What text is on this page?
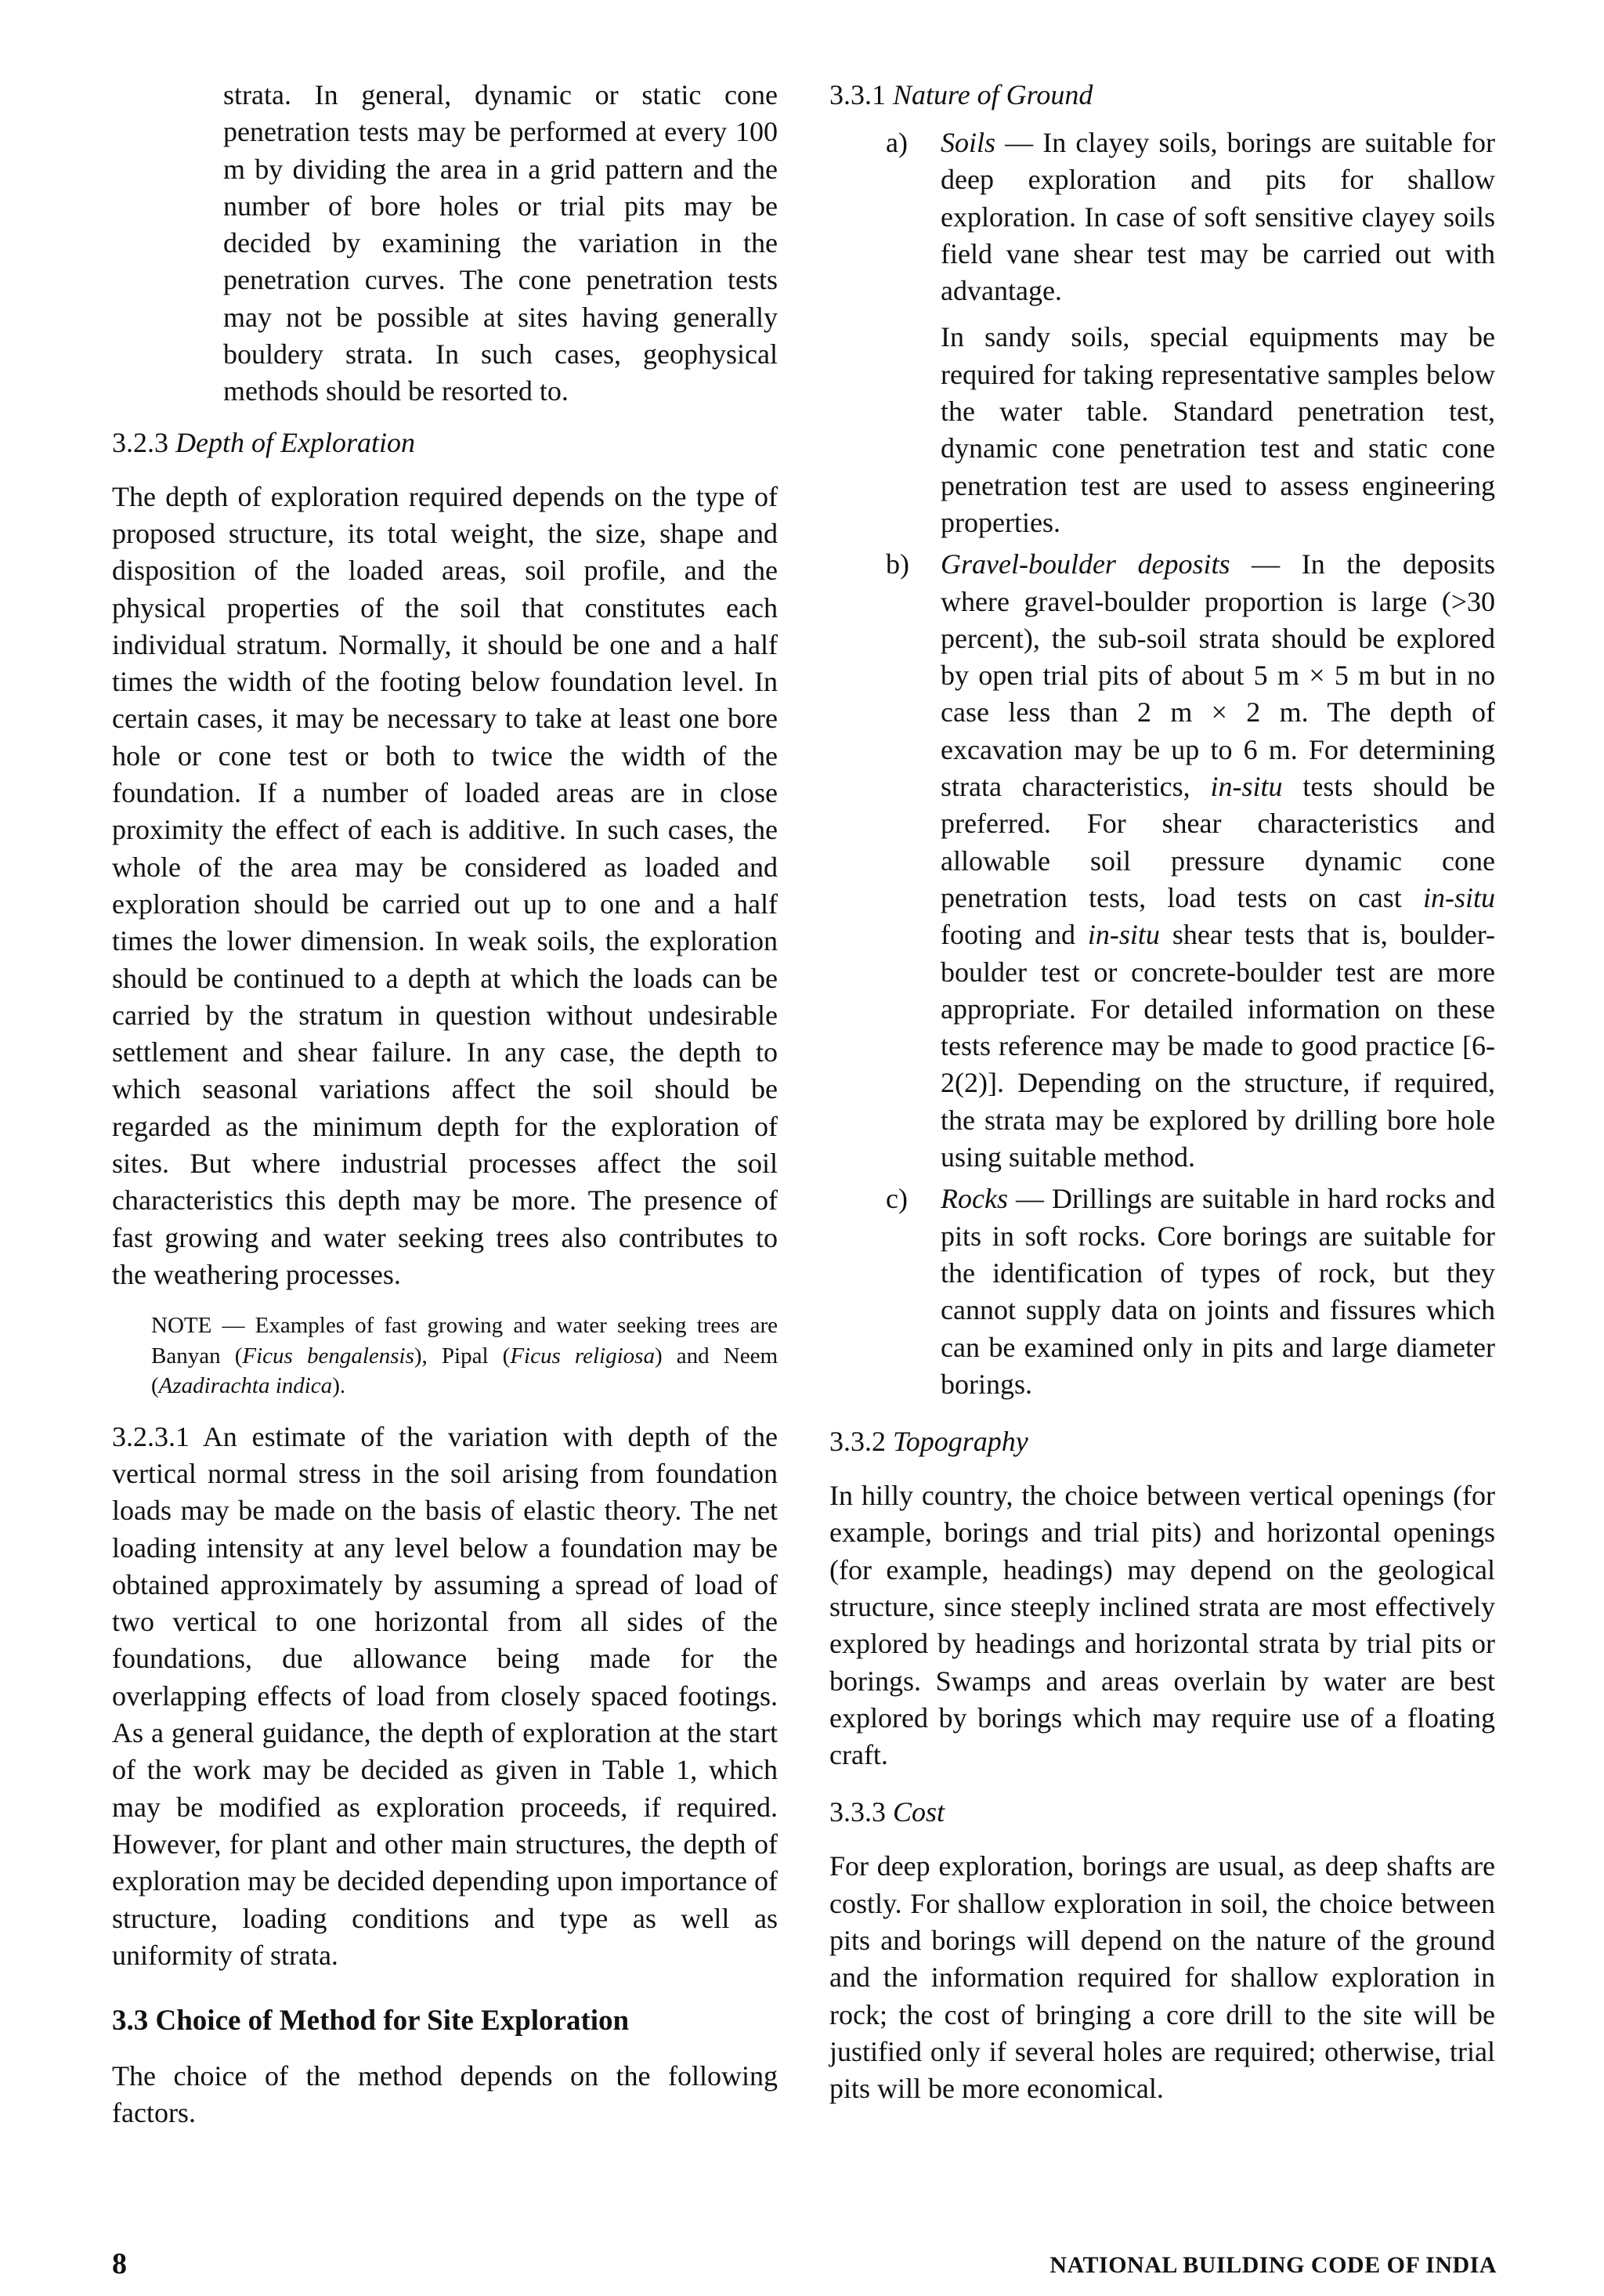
strata. In general, dynamic or static cone penetration tests may be performed at every 100 m by dividing the area in a grid pattern and the number of bore holes or trial pits may be decided by examining the variation in the penetration curves. The cone penetration tests may not be possible at sites having generally bouldery strata. In such cases, geophysical methods should be resorted to.

3.2.3 Depth of Exploration

The depth of exploration required depends on the type of proposed structure, its total weight, the size, shape and disposition of the loaded areas, soil profile, and the physical properties of the soil that constitutes each individual stratum. Normally, it should be one and a half times the width of the footing below foundation level. In certain cases, it may be necessary to take at least one bore hole or cone test or both to twice the width of the foundation. If a number of loaded areas are in close proximity the effect of each is additive. In such cases, the whole of the area may be considered as loaded and exploration should be carried out up to one and a half times the lower dimension. In weak soils, the exploration should be continued to a depth at which the loads can be carried by the stratum in question without undesirable settlement and shear failure. In any case, the depth to which seasonal variations affect the soil should be regarded as the minimum depth for the exploration of sites. But where industrial processes affect the soil characteristics this depth may be more. The presence of fast growing and water seeking trees also contributes to the weathering processes.

NOTE — Examples of fast growing and water seeking trees are Banyan (Ficus bengalensis), Pipal (Ficus religiosa) and Neem (Azadirachta indica).

3.2.3.1 An estimate of the variation with depth of the vertical normal stress in the soil arising from foundation loads may be made on the basis of elastic theory. The net loading intensity at any level below a foundation may be obtained approximately by assuming a spread of load of two vertical to one horizontal from all sides of the foundations, due allowance being made for the overlapping effects of load from closely spaced footings. As a general guidance, the depth of exploration at the start of the work may be decided as given in Table 1, which may be modified as exploration proceeds, if required. However, for plant and other main structures, the depth of exploration may be decided depending upon importance of structure, loading conditions and type as well as uniformity of strata.

3.3 Choice of Method for Site Exploration

The choice of the method depends on the following factors.

3.3.1 Nature of Ground
a)	Soils — In clayey soils, borings are suitable for deep exploration and pits for shallow exploration. In case of soft sensitive clayey soils field vane shear test may be carried out with advantage.

In sandy soils, special equipments may be required for taking representative samples below the water table. Standard penetration test, dynamic cone penetration test and static cone penetration test are used to assess engineering properties.

b)	Gravel-boulder deposits — In the deposits where gravel-boulder proportion is large (>30 percent), the sub-soil strata should be explored by open trial pits of about 5 m × 5 m but in no case less than 2 m × 2 m. The depth of excavation may be up to 6 m. For determining strata characteristics, in-situ tests should be preferred. For shear characteristics and allowable soil pressure dynamic cone penetration tests, load tests on cast in-situ footing and in-situ shear tests that is, boulder-boulder test or concrete-boulder test are more appropriate. For detailed information on these tests reference may be made to good practice [6-2(2)]. Depending on the structure, if required, the strata may be explored by drilling bore hole using suitable method.

c)	Rocks — Drillings are suitable in hard rocks and pits in soft rocks. Core borings are suitable for the identification of types of rock, but they cannot supply data on joints and fissures which can be examined only in pits and large diameter borings.

3.3.2 Topography

In hilly country, the choice between vertical openings (for example, borings and trial pits) and horizontal openings (for example, headings) may depend on the geological structure, since steeply inclined strata are most effectively explored by headings and horizontal strata by trial pits or borings. Swamps and areas overlain by water are best explored by borings which may require use of a floating craft.

3.3.3 Cost

For deep exploration, borings are usual, as deep shafts are costly. For shallow exploration in soil, the choice between pits and borings will depend on the nature of the ground and the information required for shallow exploration in rock; the cost of bringing a core drill to the site will be justified only if several holes are required; otherwise, trial pits will be more economical.

8	NATIONAL BUILDING CODE OF INDIA
